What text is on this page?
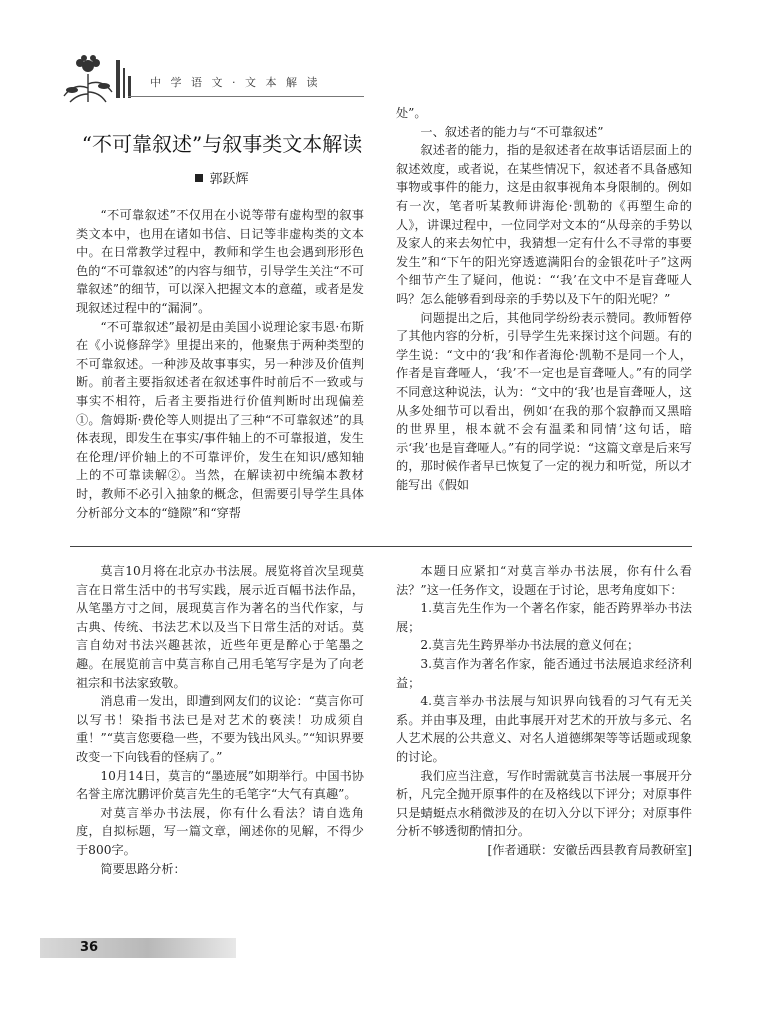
中 学 语 文 · 文 本 解 读
“不可靠叙述”与叙事类文本解读
郭跃辉

“不可靠叙述”不仅用在小说等带有虚构型的叙事类文本中，也用在诸如书信、日记等非虚构类的文本中。在日常教学过程中，教师和学生也会遇到形形色色的“不可靠叙述”的内容与细节，引导学生关注“不可靠叙述”的细节，可以深入把握文本的意蕴，或者是发现叙述过程中的“漏洞”。

“不可靠叙述”最初是由美国小说理论家韦恩·布斯在《小说修辞学》里提出来的，他聚焦于两种类型的不可靠叙述。一种涉及故事事实，另一种涉及价值判断。前者主要指叙述者在叙述事件时前后不一致或与事实不相符，后者主要指进行价值判断时出现偏差①。詹姆斯·费伦等人则提出了三种“不可靠叙述”的具体表现，即发生在事实/事件轴上的不可靠报道，发生在伦理/评价轴上的不可靠评价，发生在知识/感知轴上的不可靠读解②。当然，在解读初中统编本教材时，教师不必引入抽象的概念，但需要引导学生具体分析部分文本的“缝隙”和“穿帮

处”。

一、叙述者的能力与“不可靠叙述”

叙述者的能力，指的是叙述者在故事话语层面上的叙述效度，或者说，在某些情况下，叙述者不具备感知事物或事件的能力，这是由叙事视角本身限制的。例如有一次，笔者听某教师讲海伦·凯勒的《再塑生命的人》，讲课过程中，一位同学对文本的“从母亲的手势以及家人的来去匆忙中，我猜想一定有什么不寻常的事要发生”和“下午的阳光穿透遮满阳台的金银花叶子”这两个细节产生了疑问，他说：“‘我’在文中不是盲聋哑人吗？怎么能够看到母亲的手势以及下午的阳光呢？”

问题提出之后，其他同学纷纷表示赞同。教师暂停了其他内容的分析，引导学生先来探讨这个问题。有的学生说：“文中的‘我’和作者海伦·凯勒不是同一个人，作者是盲聋哑人，‘我’不一定也是盲聋哑人。”有的同学不同意这种说法，认为：“文中的‘我’也是盲聋哑人，这从多处细节可以看出，例如‘在我的那个寂静而又黑暗的世界里，根本就不会有温柔和同情’这句话，暗示‘我’也是盲聋哑人。”有的同学说：“这篇文章是后来写的，那时候作者早已恢复了一定的视力和听觉，所以才能写出《假如

莫言10月将在北京办书法展。展览将首次呈现莫言在日常生活中的书写实践，展示近百幅书法作品，从笔墨方寸之间，展现莫言作为著名的当代作家，与古典、传统、书法艺术以及当下日常生活的对话。莫言自幼对书法兴趣甚浓，近些年更是醉心于笔墨之趣。在展览前言中莫言称自己用毛笔写字是为了向老祖宗和书法家致敬。

消息甫一发出，即遭到网友们的议论：“莫言你可以写书！染指书法已是对艺术的亵渎！功成须自重！”“莫言您要稳一些，不要为钱出风头。”“知识界要改变一下向钱看的怪病了。”

10月14日，莫言的“墨迹展”如期举行。中国书协名誉主席沈鹏评价莫言先生的毛笔字“大气有真趣”。

对莫言举办书法展，你有什么看法？请自选角度，自拟标题，写一篇文章，阐述你的见解，不得少于800字。

简要思路分析：

本题日应紧扣“对莫言举办书法展，你有什么看法？”这一任务作文，设题在于讨论，思考角度如下：

1.莫言先生作为一个著名作家，能否跨界举办书法展；

2.莫言先生跨界举办书法展的意义何在；

3.莫言作为著名作家，能否通过书法展追求经济利益；

4.莫言举办书法展与知识界向钱看的习气有无关系。并由事及理，由此事展开对艺术的开放与多元、名人艺术展的公共意义、对名人道德绑架等等话题或现象的讨论。

我们应当注意，写作时需就莫言书法展一事展开分析，凡完全抛开原事件的在及格线以下评分；对原事件只是蜻蜓点水稍微涉及的在切入分以下评分；对原事件分析不够透彻酌情扣分。

[作者通联：安徽岳西县教育局教研室]

36
